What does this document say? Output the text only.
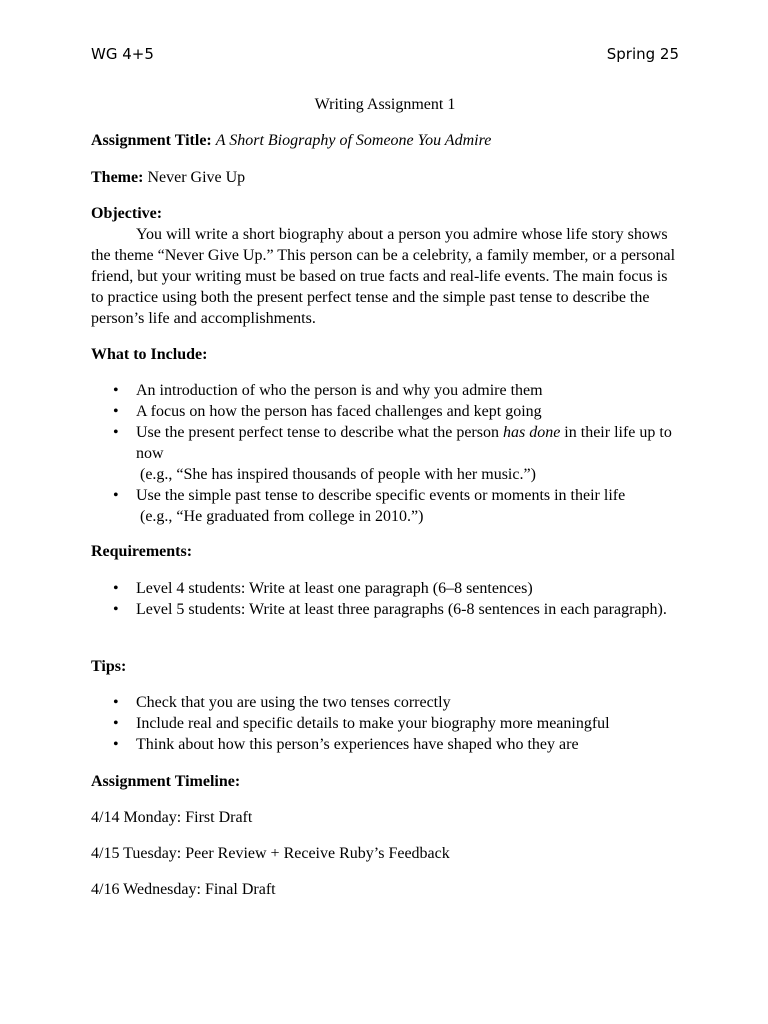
WG 4+5	Spring 25
Writing Assignment 1
Assignment Title: A Short Biography of Someone You Admire
Theme: Never Give Up
Objective:
You will write a short biography about a person you admire whose life story shows the theme “Never Give Up.” This person can be a celebrity, a family member, or a personal friend, but your writing must be based on true facts and real-life events. The main focus is to practice using both the present perfect tense and the simple past tense to describe the person’s life and accomplishments.
What to Include:
• An introduction of who the person is and why you admire them
• A focus on how the person has faced challenges and kept going
• Use the present perfect tense to describe what the person has done in their life up to now
(e.g., “She has inspired thousands of people with her music.”)
• Use the simple past tense to describe specific events or moments in their life
(e.g., “He graduated from college in 2010.”)
Requirements:
• Level 4 students: Write at least one paragraph (6–8 sentences)
• Level 5 students: Write at least three paragraphs (6-8 sentences in each paragraph).
Tips:
• Check that you are using the two tenses correctly
• Include real and specific details to make your biography more meaningful
• Think about how this person’s experiences have shaped who they are
Assignment Timeline:
4/14 Monday: First Draft
4/15 Tuesday: Peer Review + Receive Ruby’s Feedback
4/16 Wednesday: Final Draft
